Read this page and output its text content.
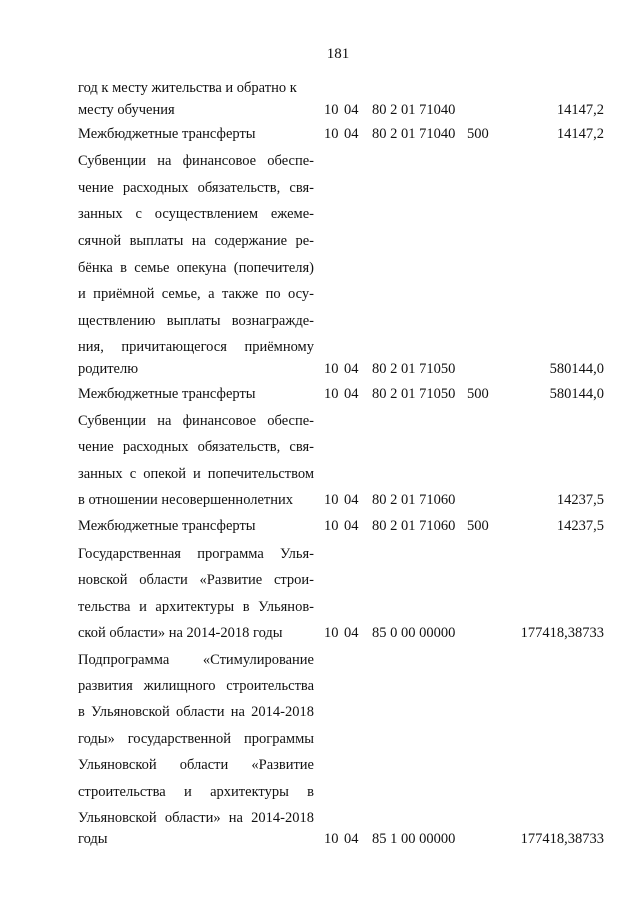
181
год к месту жительства и обратно к
месту обучения	10 04 80 2 01 71040	14147,2
Межбюджетные трансферты	10 04 80 2 01 71040 500	14147,2
Субвенции на финансовое обеспе-
чение расходных обязательств, свя-
занных с осуществлением ежеме-
сячной выплаты на содержание ре-
бёнка в семье опекуна (попечителя)
и приёмной семье, а также по осу-
ществлению выплаты вознагражде-
ния, причитающегося приёмному
родителю	10 04 80 2 01 71050	580144,0
Межбюджетные трансферты	10 04 80 2 01 71050 500	580144,0
Субвенции на финансовое обеспе-
чение расходных обязательств, свя-
занных с опекой и попечительством
в отношении несовершеннолетних	10 04 80 2 01 71060	14237,5
Межбюджетные трансферты	10 04 80 2 01 71060 500	14237,5
Государственная программа Улья-
новской области «Развитие строи-
тельства и архитектуры в Ульянов-
ской области» на 2014-2018 годы	10 04 85 0 00 00000	177418,38733
Подпрограмма «Стимулирование
развития жилищного строительства
в Ульяновской области на 2014-2018
годы» государственной программы
Ульяновской области «Развитие
строительства и архитектуры в
Ульяновской области» на 2014-2018
годы	10 04 85 1 00 00000	177418,38733
